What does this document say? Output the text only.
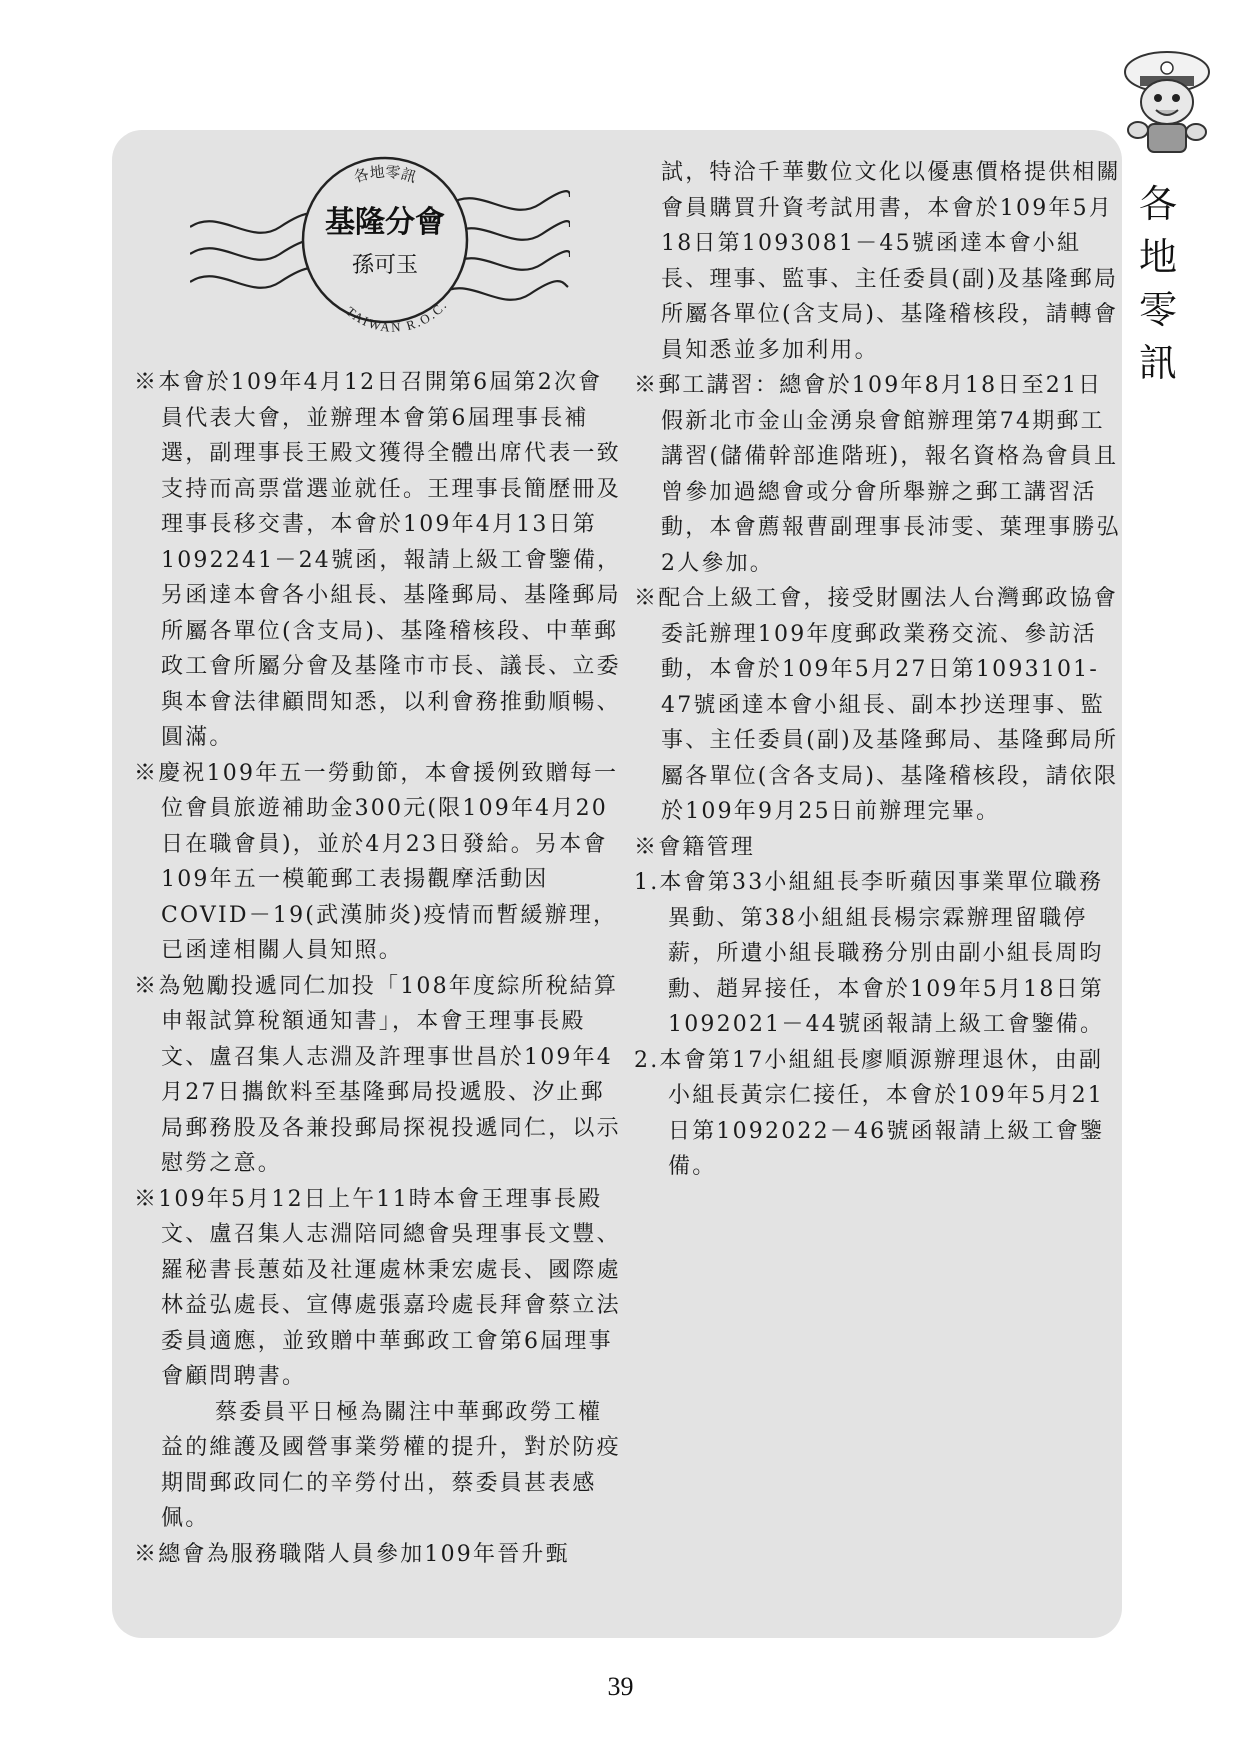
各
地
零
訊
各地零訊
基隆分會
孫可玉
TAIWAN R.O.C.

※本會於109年4月12日召開第6屆第2次會員代表大會，並辦理本會第6屆理事長補選，副理事長王殿文獲得全體出席代表一致支持而高票當選並就任。王理事長簡歷冊及理事長移交書，本會於109年4月13日第1092241－24號函，報請上級工會鑒備，另函達本會各小組長、基隆郵局、基隆郵局所屬各單位(含支局)、基隆稽核段、中華郵政工會所屬分會及基隆市市長、議長、立委與本會法律顧問知悉，以利會務推動順暢、圓滿。

※慶祝109年五一勞動節，本會援例致贈每一位會員旅遊補助金300元(限109年4月20日在職會員)，並於4月23日發給。另本會109年五一模範郵工表揚觀摩活動因COVID－19(武漢肺炎)疫情而暫緩辦理，已函達相關人員知照。

※為勉勵投遞同仁加投「108年度綜所稅結算申報試算稅額通知書」，本會王理事長殿文、盧召集人志淵及許理事世昌於109年4月27日攜飲料至基隆郵局投遞股、汐止郵局郵務股及各兼投郵局探視投遞同仁，以示慰勞之意。

※109年5月12日上午11時本會王理事長殿文、盧召集人志淵陪同總會吳理事長文豐、羅秘書長蕙茹及社運處林秉宏處長、國際處林益弘處長、宣傳處張嘉玲處長拜會蔡立法委員適應，並致贈中華郵政工會第6屆理事會顧問聘書。

蔡委員平日極為關注中華郵政勞工權益的維護及國營事業勞權的提升，對於防疫期間郵政同仁的辛勞付出，蔡委員甚表感佩。

※總會為服務職階人員參加109年晉升甄

試，特洽千華數位文化以優惠價格提供相關會員購買升資考試用書，本會於109年5月18日第1093081－45號函達本會小組長、理事、監事、主任委員(副)及基隆郵局所屬各單位(含支局)、基隆稽核段，請轉會員知悉並多加利用。

※郵工講習：總會於109年8月18日至21日假新北市金山金湧泉會館辦理第74期郵工講習(儲備幹部進階班)，報名資格為會員且曾參加過總會或分會所舉辦之郵工講習活動，本會薦報曹副理事長沛雯、葉理事勝弘2人參加。

※配合上級工會，接受財團法人台灣郵政協會委託辦理109年度郵政業務交流、參訪活動，本會於109年5月27日第1093101-47號函達本會小組長、副本抄送理事、監事、主任委員(副)及基隆郵局、基隆郵局所屬各單位(含各支局)、基隆稽核段，請依限於109年9月25日前辦理完畢。

※會籍管理

1.本會第33小組組長李昕蘋因事業單位職務異動、第38小組組長楊宗霖辦理留職停薪，所遺小組長職務分別由副小組長周昀勳、趙昇接任，本會於109年5月18日第1092021－44號函報請上級工會鑒備。

2.本會第17小組組長廖順源辦理退休，由副小組長黃宗仁接任，本會於109年5月21日第1092022－46號函報請上級工會鑒備。

39
